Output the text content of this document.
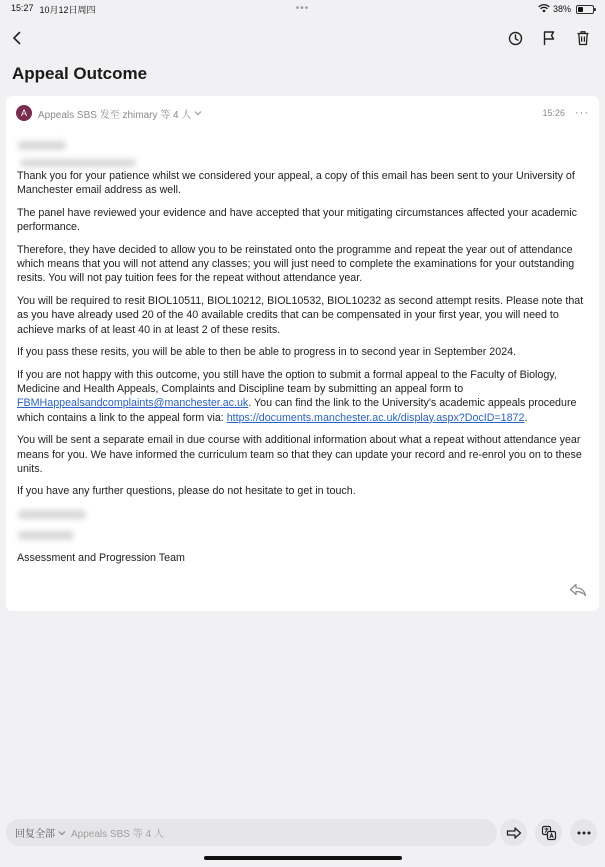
15:27 10月12日周四	•••	38%
Appeal Outcome
A	Appeals SBS 发至 zhimary 等 4 人	15:26 ···

Thank you for your patience whilst we considered your appeal, a copy of this email has been sent to your University of Manchester email address as well.

The panel have reviewed your evidence and have accepted that your mitigating circumstances affected your academic performance.

Therefore, they have decided to allow you to be reinstated onto the programme and repeat the year out of attendance which means that you will not attend any classes; you will just need to complete the examinations for your outstanding resits. You will not pay tuition fees for the repeat without attendance year.

You will be required to resit BIOL10511, BIOL10212, BIOL10532, BIOL10232 as second attempt resits. Please note that as you have already used 20 of the 40 available credits that can be compensated in your first year, you will need to achieve marks of at least 40 in at least 2 of these resits.

If you pass these resits, you will be able to then be able to progress in to second year in September 2024.

If you are not happy with this outcome, you still have the option to submit a formal appeal to the Faculty of Biology, Medicine and Health Appeals, Complaints and Discipline team by submitting an appeal form to FBMHappealsandcomplaints@manchester.ac.uk. You can find the link to the University's academic appeals procedure which contains a link to the appeal form via: https://documents.manchester.ac.uk/display.aspx?DocID=1872.

You will be sent a separate email in due course with additional information about what a repeat without attendance year means for you. We have informed the curriculum team so that they can update your record and re-enrol you on to these units.

If you have any further questions, please do not hesitate to get in touch.

Assessment and Progression Team
回复全部 Appeals SBS 等 4 人
